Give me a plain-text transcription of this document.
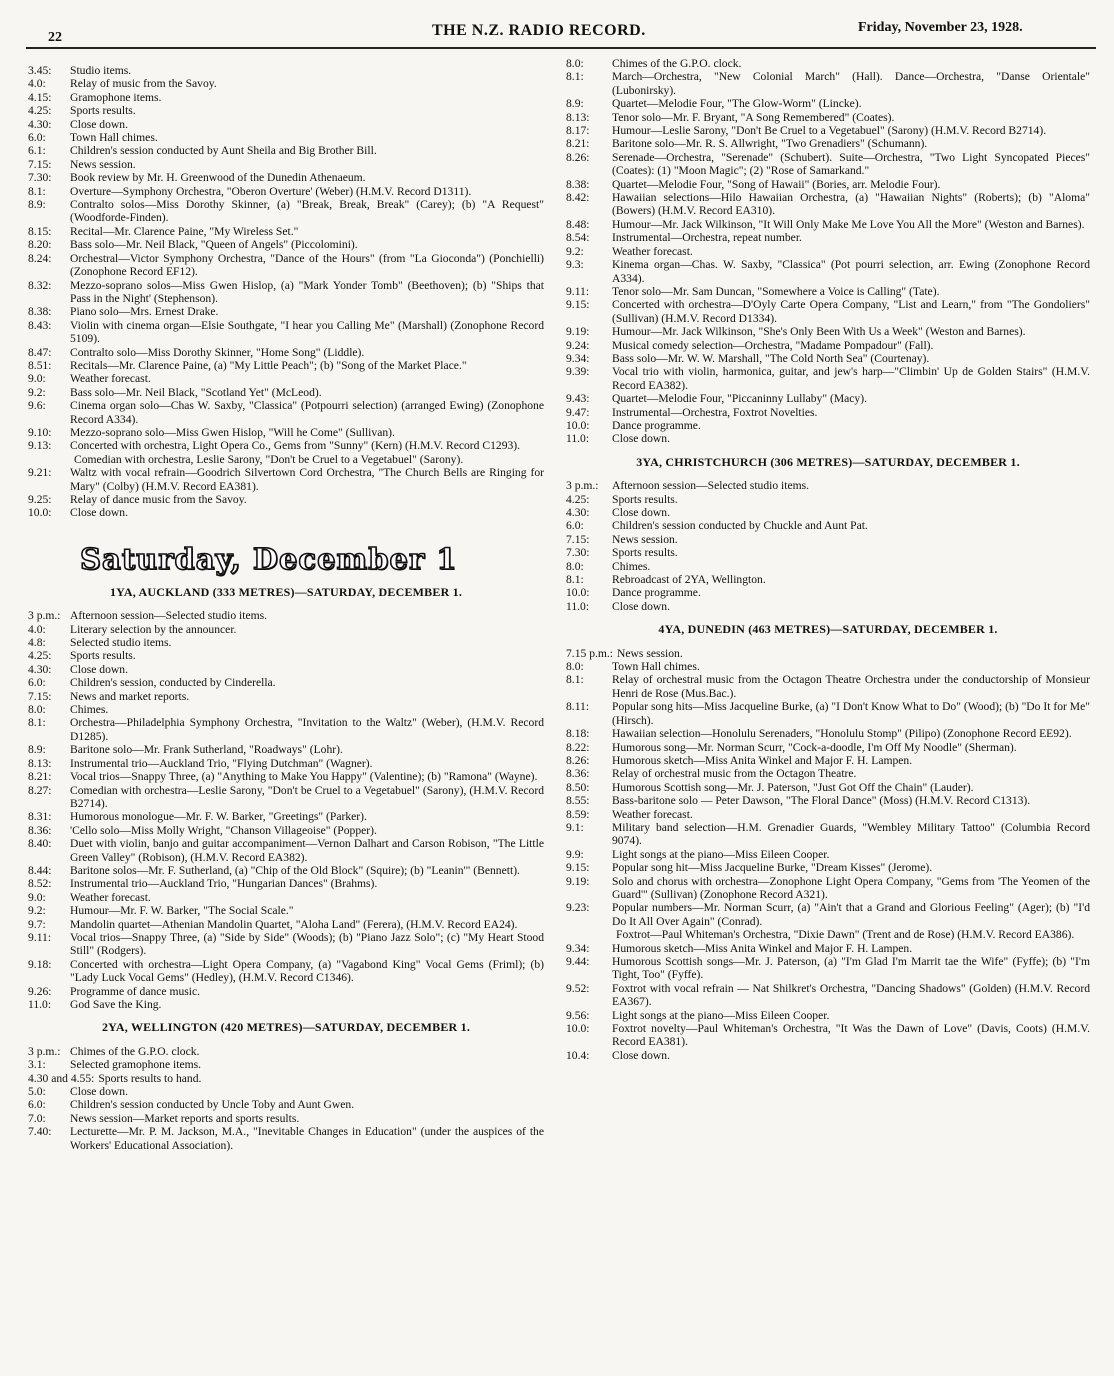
22	THE N.Z. RADIO RECORD.	Friday, November 23, 1928.
3.45:	Studio items.
4.0:	Relay of music from the Savoy.
4.15:	Gramophone items.
4.25:	Sports results.
4.30:	Close down.
6.0:	Town Hall chimes.
6.1:	Children's session conducted by Aunt Sheila and Big Brother Bill.
7.15:	News session.
7.30:	Book review by Mr. H. Greenwood of the Dunedin Athenaeum.
8.1:	Overture—Symphony Orchestra, "Oberon Overture' (Weber) (H.M.V. Record D1311).
8.9:	Contralto solos—Miss Dorothy Skinner, (a) "Break, Break, Break" (Carey); (b) "A Request" (Woodforde-Finden).
8.15:	Recital—Mr. Clarence Paine, "My Wireless Set."
8.20:	Bass solo—Mr. Neil Black, "Queen of Angels" (Piccolomini).
8.24:	Orchestral—Victor Symphony Orchestra, "Dance of the Hours" (from "La Gioconda") (Ponchielli) (Zonophone Record EF12).
8.32:	Mezzo-soprano solos—Miss Gwen Hislop, (a) "Mark Yonder Tomb" (Beethoven); (b) "Ships that Pass in the Night' (Stephenson).
8.38:	Piano solo—Mrs. Ernest Drake.
8.43:	Violin with cinema organ—Elsie Southgate, "I hear you Calling Me" (Marshall) (Zonophone Record 5109).
8.47:	Contralto solo—Miss Dorothy Skinner, "Home Song" (Liddle).
8.51:	Recitals—Mr. Clarence Paine, (a) "My Little Peach"; (b) "Song of the Market Place."
9.0:	Weather forecast.
9.2:	Bass solo—Mr. Neil Black, "Scotland Yet" (McLeod).
9.6:	Cinema organ solo—Chas W. Saxby, "Classica" (Potpourri selection) (arranged Ewing) (Zonophone Record A334).
9.10:	Mezzo-soprano solo—Miss Gwen Hislop, "Will he Come" (Sullivan).
9.13:	Concerted with orchestra, Light Opera Co., Gems from "Sunny" (Kern) (H.M.V. Record C1293).
Comedian with orchestra, Leslie Sarony, "Don't be Cruel to a Vegetabuel" (Sarony).
9.21:	Waltz with vocal refrain—Goodrich Silvertown Cord Orchestra, "The Church Bells are Ringing for Mary" (Colby) (H.M.V. Record EA381).
9.25:	Relay of dance music from the Savoy.
10.0:	Close down.
Saturday, December 1
1YA, AUCKLAND (333 METRES)—SATURDAY, DECEMBER 1.
3 p.m.: Afternoon session—Selected studio items.
4.0:	Literary selection by the announcer.
4.8:	Selected studio items.
4.25:	Sports results.
4.30:	Close down.
6.0:	Children's session, conducted by Cinderella.
7.15:	News and market reports.
8.0:	Chimes.
8.1:	Orchestra—Philadelphia Symphony Orchestra, "Invitation to the Waltz" (Weber), (H.M.V. Record D1285).
8.9:	Baritone solo—Mr. Frank Sutherland, "Roadways" (Lohr).
8.13:	Instrumental trio—Auckland Trio, "Flying Dutchman" (Wagner).
8.21:	Vocal trios—Snappy Three, (a) "Anything to Make You Happy" (Valentine); (b) "Ramona" (Wayne).
8.27:	Comedian with orchestra—Leslie Sarony, "Don't be Cruel to a Vegetabuel" (Sarony), (H.M.V. Record B2714).
8.31:	Humorous monologue—Mr. F. W. Barker, "Greetings" (Parker).
8.36:	'Cello solo—Miss Molly Wright, "Chanson Villageoise" (Popper).
8.40:	Duet with violin, banjo and guitar accompaniment—Vernon Dalhart and Carson Robison, "The Little Green Valley" (Robison), (H.M.V. Record EA382).
8.44:	Baritone solos—Mr. F. Sutherland, (a) "Chip of the Old Block" (Squire); (b) "Leanin'" (Bennett).
8.52:	Instrumental trio—Auckland Trio, "Hungarian Dances" (Brahms).
9.0:	Weather forecast.
9.2:	Humour—Mr. F. W. Barker, "The Social Scale."
9.7:	Mandolin quartet—Athenian Mandolin Quartet, "Aloha Land" (Ferera), (H.M.V. Record EA24).
9.11:	Vocal trios—Snappy Three, (a) "Side by Side" (Woods); (b) "Piano Jazz Solo"; (c) "My Heart Stood Still" (Rodgers).
9.18:	Concerted with orchestra—Light Opera Company, (a) "Vagabond King" Vocal Gems (Friml); (b) "Lady Luck Vocal Gems" (Hedley), (H.M.V. Record C1346).
9.26:	Programme of dance music.
11.0:	God Save the King.
2YA, WELLINGTON (420 METRES)—SATURDAY, DECEMBER 1.
3 p.m.: Chimes of the G.P.O. clock.
3.1:	Selected gramophone items.
4.30 and 4.55: Sports results to hand.
5.0:	Close down.
6.0:	Children's session conducted by Uncle Toby and Aunt Gwen.
7.0:	News session—Market reports and sports results.
7.40:	Lecturette—Mr. P. M. Jackson, M.A., "Inevitable Changes in Education" (under the auspices of the Workers' Educational Association).
8.0:	Chimes of the G.P.O. clock.
8.1:	March—Orchestra, "New Colonial March" (Hall). Dance—Orchestra, "Danse Orientale" (Lubonirsky).
8.9:	Quartet—Melodie Four, "The Glow-Worm" (Lincke).
8.13:	Tenor solo—Mr. F. Bryant, "A Song Remembered" (Coates).
8.17:	Humour—Leslie Sarony, "Don't Be Cruel to a Vegetabuel" (Sarony) (H.M.V. Record B2714).
8.21:	Baritone solo—Mr. R. S. Allwright, "Two Grenadiers" (Schumann).
8.26:	Serenade—Orchestra, "Serenade" (Schubert). Suite—Orchestra, "Two Light Syncopated Pieces" (Coates): (1) "Moon Magic"; (2) "Rose of Samarkand."
8.38:	Quartet—Melodie Four, "Song of Hawaii" (Bories, arr. Melodie Four).
8.42:	Hawaiian selections—Hilo Hawaiian Orchestra, (a) "Hawaiian Nights" (Roberts); (b) "Aloma" (Bowers) (H.M.V. Record EA310).
8.48:	Humour—Mr. Jack Wilkinson, "It Will Only Make Me Love You All the More" (Weston and Barnes).
8.54:	Instrumental—Orchestra, repeat number.
9.2:	Weather forecast.
9.3:	Kinema organ—Chas. W. Saxby, "Classica" (Pot pourri selection, arr. Ewing (Zonophone Record A334).
9.11:	Tenor solo—Mr. Sam Duncan, "Somewhere a Voice is Calling" (Tate).
9.15:	Concerted with orchestra—D'Oyly Carte Opera Company, "List and Learn," from "The Gondoliers" (Sullivan) (H.M.V. Record D1334).
9.19:	Humour—Mr. Jack Wilkinson, "She's Only Been With Us a Week" (Weston and Barnes).
9.24:	Musical comedy selection—Orchestra, "Madame Pompadour" (Fall).
9.34:	Bass solo—Mr. W. W. Marshall, "The Cold North Sea" (Courtenay).
9.39:	Vocal trio with violin, harmonica, guitar, and jew's harp—"Climbin' Up de Golden Stairs" (H.M.V. Record EA382).
9.43:	Quartet—Melodie Four, "Piccaninny Lullaby" (Macy).
9.47:	Instrumental—Orchestra, Foxtrot Novelties.
10.0:	Dance programme.
11.0:	Close down.
3YA, CHRISTCHURCH (306 METRES)—SATURDAY, DECEMBER 1.
3 p.m.:	Afternoon session—Selected studio items.
4.25:	Sports results.
4.30:	Close down.
6.0:	Children's session conducted by Chuckle and Aunt Pat.
7.15:	News session.
7.30:	Sports results.
8.0:	Chimes.
8.1:	Rebroadcast of 2YA, Wellington.
10.0:	Dance programme.
11.0:	Close down.
4YA, DUNEDIN (463 METRES)—SATURDAY, DECEMBER 1.
7.15 p.m.: News session.
8.0:	Town Hall chimes.
8.1:	Relay of orchestral music from the Octagon Theatre Orchestra under the conductorship of Monsieur Henri de Rose (Mus.Bac.).
8.11:	Popular song hits—Miss Jacqueline Burke, (a) "I Don't Know What to Do" (Wood); (b) "Do It for Me" (Hirsch).
8.18:	Hawaiian selection—Honolulu Serenaders, "Honolulu Stomp" (Pilipo) (Zonophone Record EE92).
8.22:	Humorous song—Mr. Norman Scurr, "Cock-a-doodle, I'm Off My Noodle" (Sherman).
8.26:	Humorous sketch—Miss Anita Winkel and Major F. H. Lampen.
8.36:	Relay of orchestral music from the Octagon Theatre.
8.50:	Humorous Scottish song—Mr. J. Paterson, "Just Got Off the Chain" (Lauder).
8.55:	Bass-baritone solo — Peter Dawson, "The Floral Dance" (Moss) (H.M.V. Record C1313).
8.59:	Weather forecast.
9.1:	Military band selection—H.M. Grenadier Guards, "Wembley Military Tattoo" (Columbia Record 9074).
9.9:	Light songs at the piano—Miss Eileen Cooper.
9.15:	Popular song hit—Miss Jacqueline Burke, "Dream Kisses" (Jerome).
9.19:	Solo and chorus with orchestra—Zonophone Light Opera Company, "Gems from 'The Yeomen of the Guard'" (Sullivan) (Zonophone Record A321).
9.23:	Popular numbers—Mr. Norman Scurr, (a) "Ain't that a Grand and Glorious Feeling" (Ager); (b) "I'd Do It All Over Again" (Conrad).
Foxtrot—Paul Whiteman's Orchestra, "Dixie Dawn" (Trent and de Rose) (H.M.V. Record EA386).
9.34:	Humorous sketch—Miss Anita Winkel and Major F. H. Lampen.
9.44:	Humorous Scottish songs—Mr. J. Paterson, (a) "I'm Glad I'm Marrit tae the Wife" (Fyffe); (b) "I'm Tight, Too" (Fyffe).
9.52:	Foxtrot with vocal refrain — Nat Shilkret's Orchestra, "Dancing Shadows" (Golden) (H.M.V. Record EA367).
9.56:	Light songs at the piano—Miss Eileen Cooper.
10.0:	Foxtrot novelty—Paul Whiteman's Orchestra, "It Was the Dawn of Love" (Davis, Coots) (H.M.V. Record EA381).
10.4:	Close down.
